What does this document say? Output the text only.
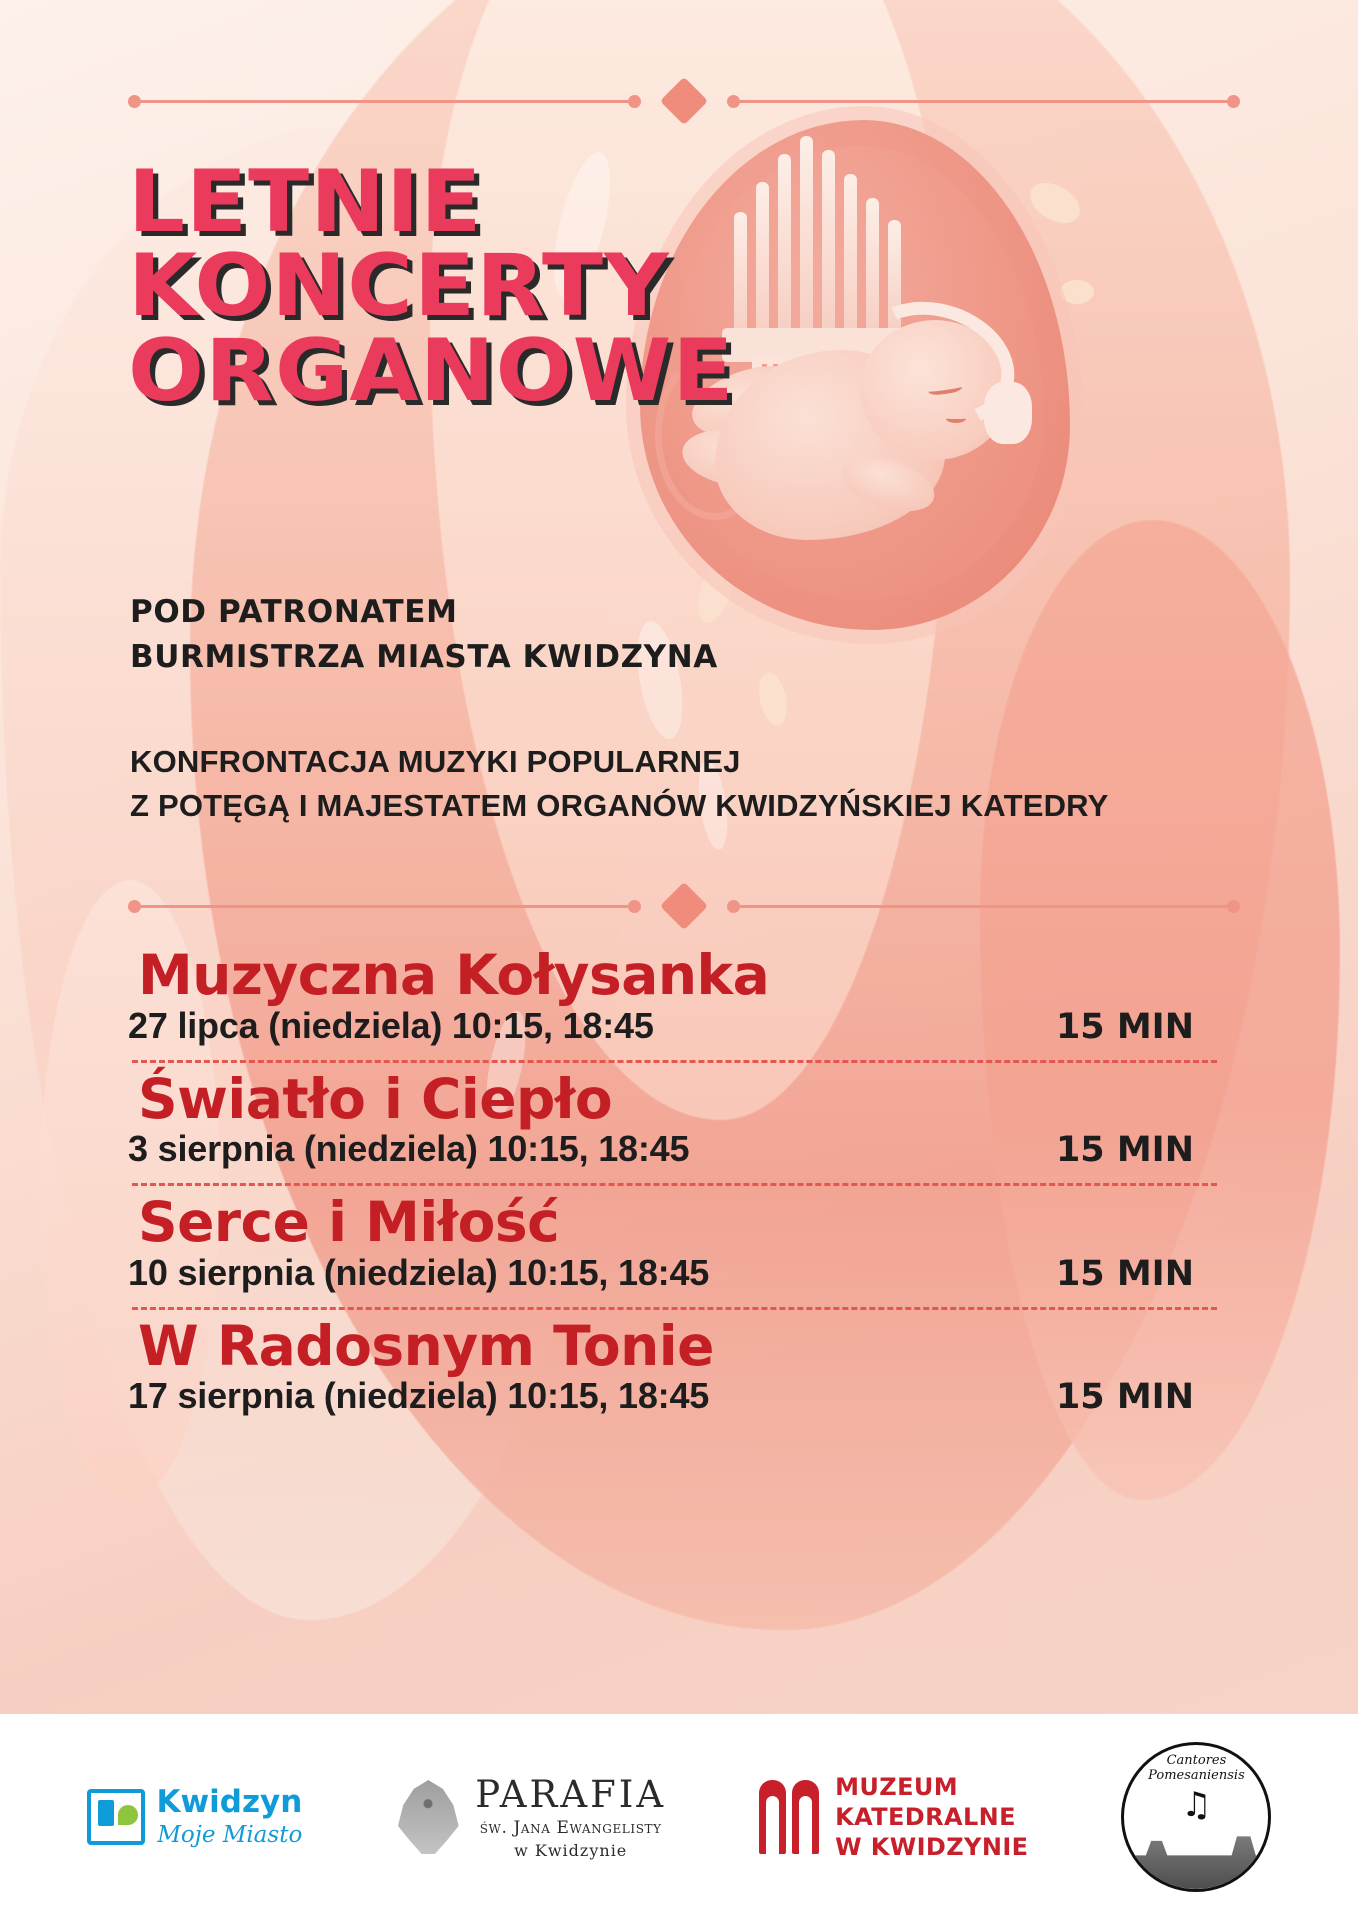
LETNIE
KONCERTY
ORGANOWE
POD PATRONATEM
BURMISTRZA MIASTA KWIDZYNA
KONFRONTACJA MUZYKI POPULARNEJ
Z POTĘGĄ I MAJESTATEM ORGANÓW KWIDZYŃSKIEJ KATEDRY
Muzyczna Kołysanka
27 lipca (niedziela) 10:15, 18:45	15 MIN
Światło i Ciepło
3 sierpnia (niedziela) 10:15, 18:45	15 MIN
Serce i Miłość
10 sierpnia (niedziela) 10:15, 18:45	15 MIN
W Radosnym Tonie
17 sierpnia (niedziela) 10:15, 18:45	15 MIN
Kwidzyn
Moje Miasto
PARAFIA
św. Jana Ewangelisty
w Kwidzynie
MUZEUM
KATEDRALNE
W KWIDZYNIE
Cantores Pomesaniensis
♫
